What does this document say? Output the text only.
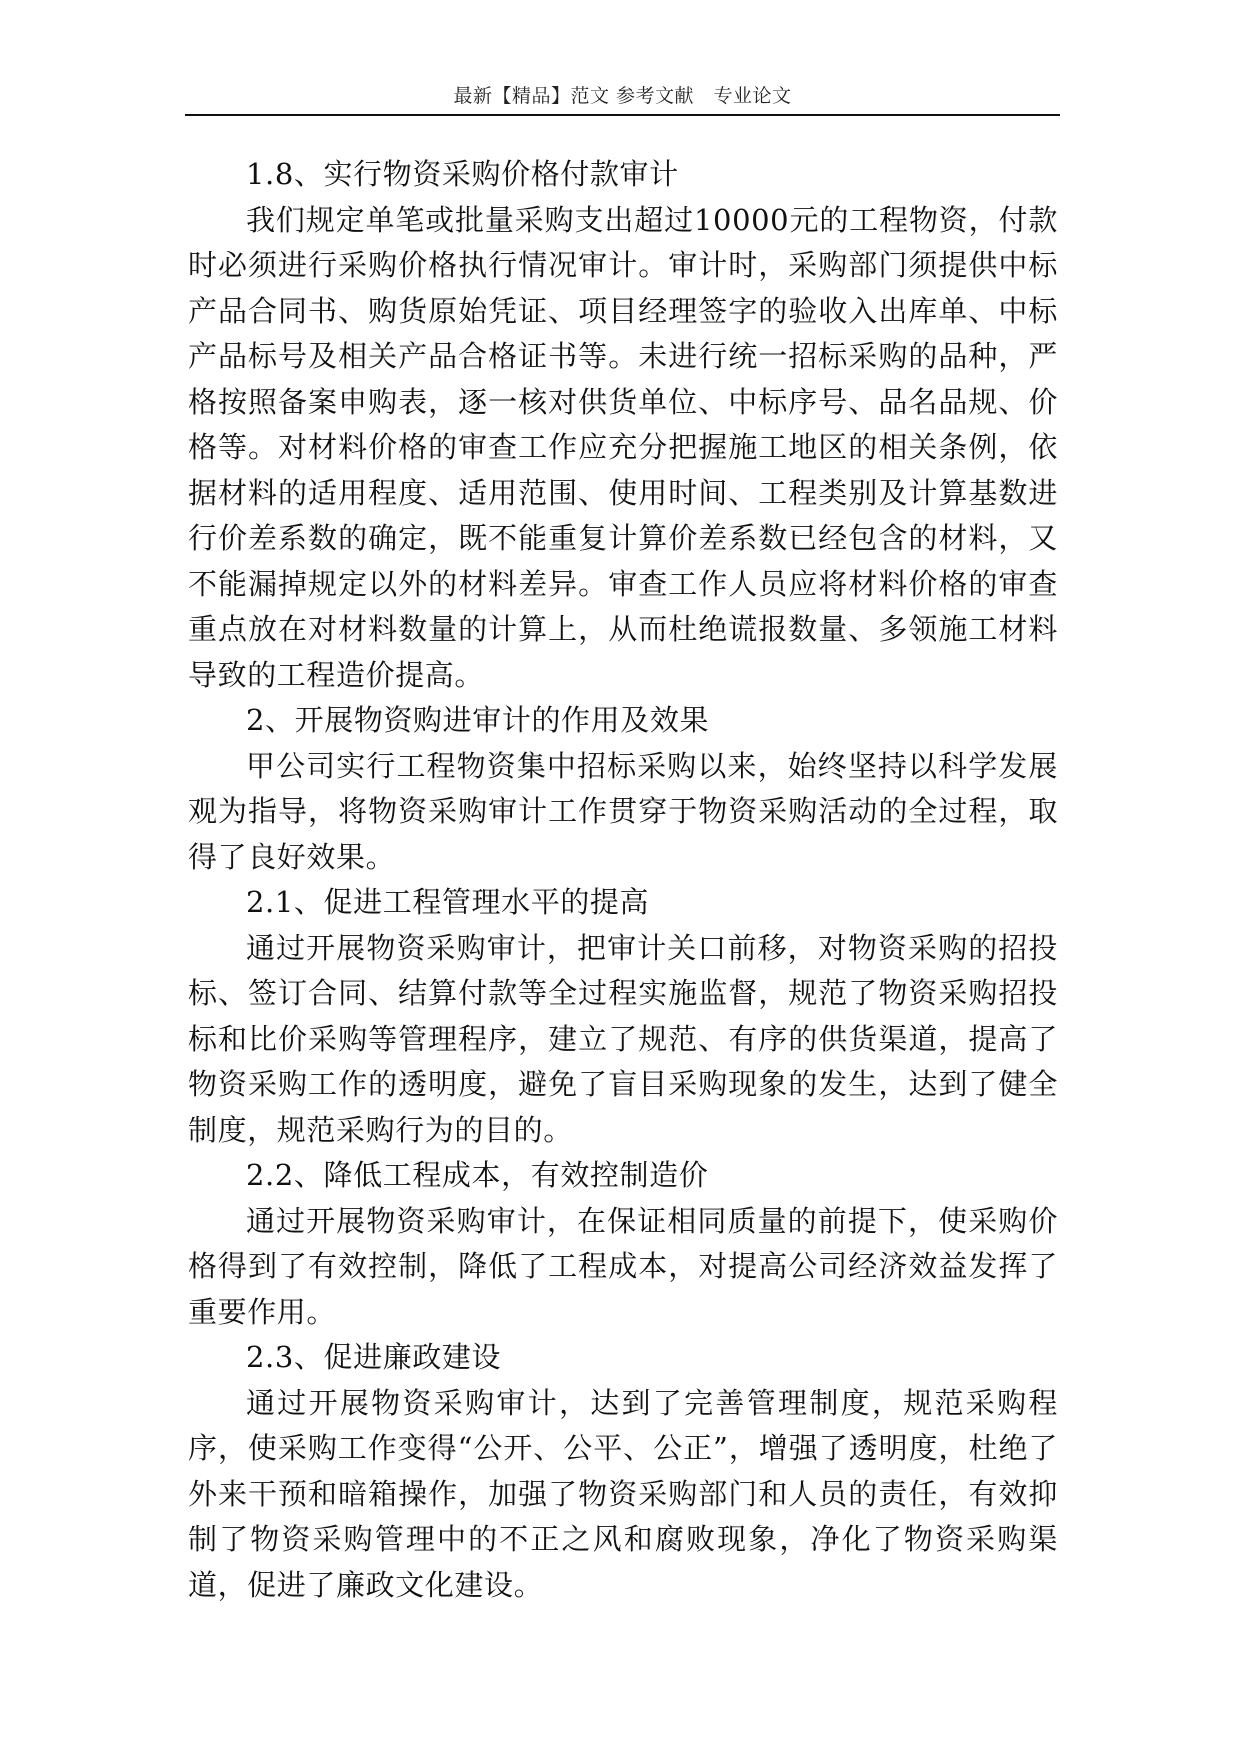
最新【精品】范文 参考文献　专业论文

1.8、实行物资采购价格付款审计

我们规定单笔或批量采购支出超过10000元的工程物资，付款时必须进行采购价格执行情况审计。审计时，采购部门须提供中标产品合同书、购货原始凭证、项目经理签字的验收入出库单、中标产品标号及相关产品合格证书等。未进行统一招标采购的品种，严格按照备案申购表，逐一核对供货单位、中标序号、品名品规、价格等。对材料价格的审查工作应充分把握施工地区的相关条例，依据材料的适用程度、适用范围、使用时间、工程类别及计算基数进行价差系数的确定，既不能重复计算价差系数已经包含的材料，又不能漏掉规定以外的材料差异。审查工作人员应将材料价格的审查重点放在对材料数量的计算上，从而杜绝谎报数量、多领施工材料导致的工程造价提高。

2、开展物资购进审计的作用及效果

甲公司实行工程物资集中招标采购以来，始终坚持以科学发展观为指导，将物资采购审计工作贯穿于物资采购活动的全过程，取得了良好效果。

2.1、促进工程管理水平的提高

通过开展物资采购审计，把审计关口前移，对物资采购的招投标、签订合同、结算付款等全过程实施监督，规范了物资采购招投标和比价采购等管理程序，建立了规范、有序的供货渠道，提高了物资采购工作的透明度，避免了盲目采购现象的发生，达到了健全制度，规范采购行为的目的。

2.2、降低工程成本，有效控制造价

通过开展物资采购审计，在保证相同质量的前提下，使采购价格得到了有效控制，降低了工程成本，对提高公司经济效益发挥了重要作用。

2.3、促进廉政建设

通过开展物资采购审计，达到了完善管理制度，规范采购程序，使采购工作变得“公开、公平、公正”，增强了透明度，杜绝了外来干预和暗箱操作，加强了物资采购部门和人员的责任，有效抑制了物资采购管理中的不正之风和腐败现象，净化了物资采购渠道，促进了廉政文化建设。
